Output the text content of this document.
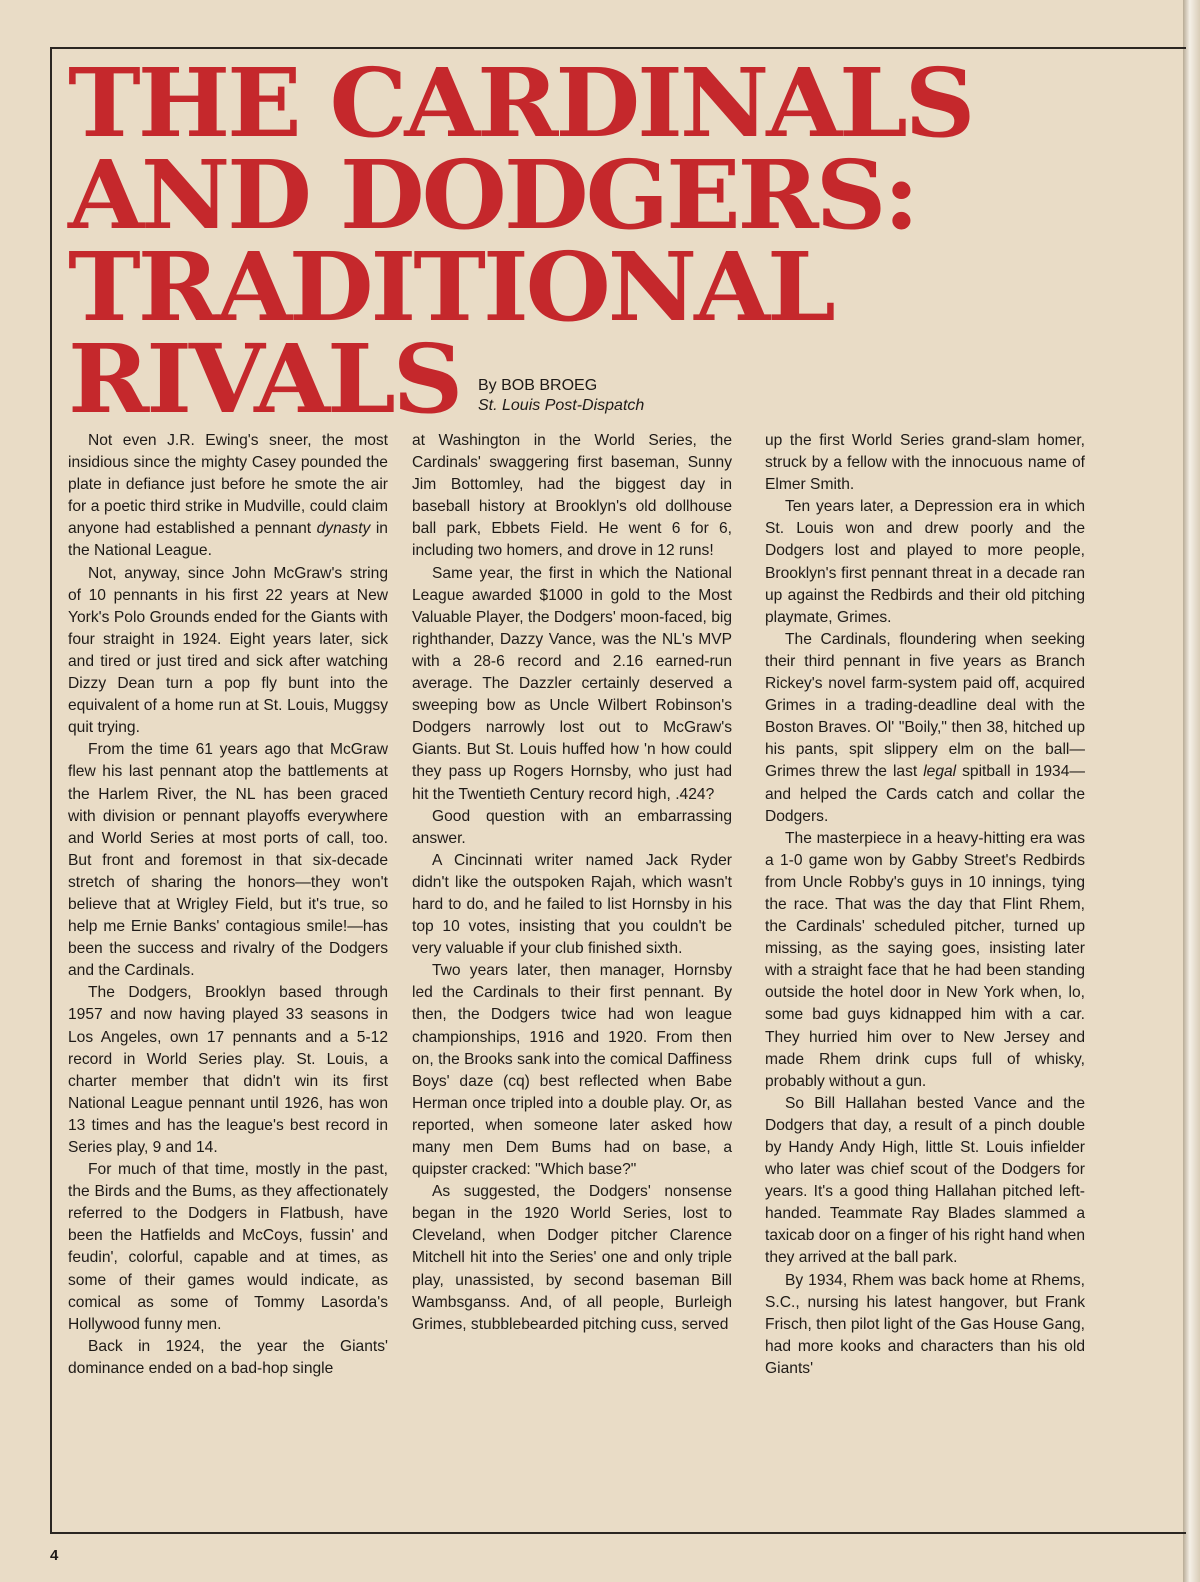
THE CARDINALS
AND DODGERS:
TRADITIONAL
RIVALS	By BOB BROEG
St. Louis Post-Dispatch

Not even J.R. Ewing's sneer, the most insidious since the mighty Casey pounded the plate in defiance just before he smote the air for a poetic third strike in Mudville, could claim anyone had established a pennant dynasty in the National League.

Not, anyway, since John McGraw's string of 10 pennants in his first 22 years at New York's Polo Grounds ended for the Giants with four straight in 1924. Eight years later, sick and tired or just tired and sick after watching Dizzy Dean turn a pop fly bunt into the equivalent of a home run at St. Louis, Muggsy quit trying.

From the time 61 years ago that McGraw flew his last pennant atop the battlements at the Harlem River, the NL has been graced with division or pennant playoffs everywhere and World Series at most ports of call, too. But front and foremost in that six-decade stretch of sharing the honors—they won't believe that at Wrigley Field, but it's true, so help me Ernie Banks' contagious smile!—has been the success and rivalry of the Dodgers and the Cardinals.

The Dodgers, Brooklyn based through 1957 and now having played 33 seasons in Los Angeles, own 17 pennants and a 5-12 record in World Series play. St. Louis, a charter member that didn't win its first National League pennant until 1926, has won 13 times and has the league's best record in Series play, 9 and 14.

For much of that time, mostly in the past, the Birds and the Bums, as they affectionately referred to the Dodgers in Flatbush, have been the Hatfields and McCoys, fussin' and feudin', colorful, capable and at times, as some of their games would indicate, as comical as some of Tommy Lasorda's Hollywood funny men.

Back in 1924, the year the Giants' dominance ended on a bad-hop single

at Washington in the World Series, the Cardinals' swaggering first baseman, Sunny Jim Bottomley, had the biggest day in baseball history at Brooklyn's old dollhouse ball park, Ebbets Field. He went 6 for 6, including two homers, and drove in 12 runs!

Same year, the first in which the National League awarded $1000 in gold to the Most Valuable Player, the Dodgers' moon-faced, big righthander, Dazzy Vance, was the NL's MVP with a 28-6 record and 2.16 earned-run average. The Dazzler certainly deserved a sweeping bow as Uncle Wilbert Robinson's Dodgers narrowly lost out to McGraw's Giants. But St. Louis huffed how 'n how could they pass up Rogers Hornsby, who just had hit the Twentieth Century record high, .424?

Good question with an embarrassing answer.

A Cincinnati writer named Jack Ryder didn't like the outspoken Rajah, which wasn't hard to do, and he failed to list Hornsby in his top 10 votes, insisting that you couldn't be very valuable if your club finished sixth.

Two years later, then manager, Hornsby led the Cardinals to their first pennant. By then, the Dodgers twice had won league championships, 1916 and 1920. From then on, the Brooks sank into the comical Daffiness Boys' daze (cq) best reflected when Babe Herman once tripled into a double play. Or, as reported, when someone later asked how many men Dem Bums had on base, a quipster cracked: "Which base?"

As suggested, the Dodgers' nonsense began in the 1920 World Series, lost to Cleveland, when Dodger pitcher Clarence Mitchell hit into the Series' one and only triple play, unassisted, by second baseman Bill Wambsganss. And, of all people, Burleigh Grimes, stubblebearded pitching cuss, served

up the first World Series grand-slam homer, struck by a fellow with the innocuous name of Elmer Smith.

Ten years later, a Depression era in which St. Louis won and drew poorly and the Dodgers lost and played to more people, Brooklyn's first pennant threat in a decade ran up against the Redbirds and their old pitching playmate, Grimes.

The Cardinals, floundering when seeking their third pennant in five years as Branch Rickey's novel farm-system paid off, acquired Grimes in a trading-deadline deal with the Boston Braves. Ol' "Boily," then 38, hitched up his pants, spit slippery elm on the ball—Grimes threw the last legal spitball in 1934—and helped the Cards catch and collar the Dodgers.

The masterpiece in a heavy-hitting era was a 1-0 game won by Gabby Street's Redbirds from Uncle Robby's guys in 10 innings, tying the race. That was the day that Flint Rhem, the Cardinals' scheduled pitcher, turned up missing, as the saying goes, insisting later with a straight face that he had been standing outside the hotel door in New York when, lo, some bad guys kidnapped him with a car. They hurried him over to New Jersey and made Rhem drink cups full of whisky, probably without a gun.

So Bill Hallahan bested Vance and the Dodgers that day, a result of a pinch double by Handy Andy High, little St. Louis infielder who later was chief scout of the Dodgers for years. It's a good thing Hallahan pitched left-handed. Teammate Ray Blades slammed a taxicab door on a finger of his right hand when they arrived at the ball park.

By 1934, Rhem was back home at Rhems, S.C., nursing his latest hangover, but Frank Frisch, then pilot light of the Gas House Gang, had more kooks and characters than his old Giants'

4
